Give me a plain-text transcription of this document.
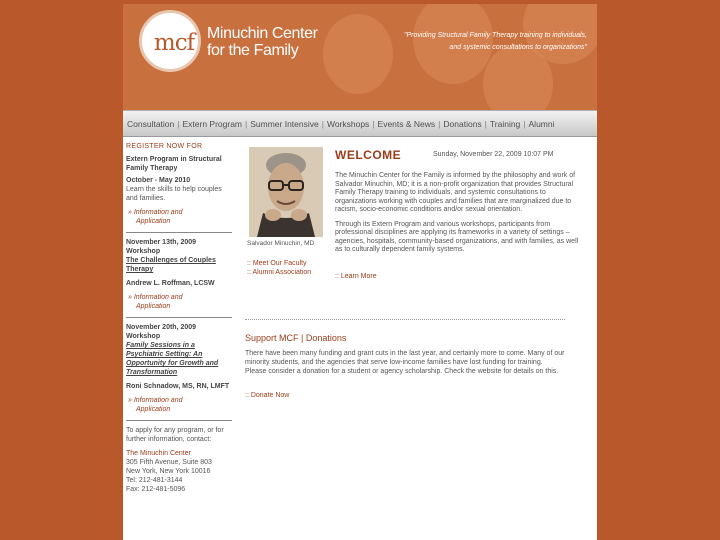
mcf Minuchin Center
for the Family
"Providing Structural Family Therapy training to individuals,
and systemic consultations to organizations"
Consultation | Extern Program | Summer Intensive | Workshops | Events & News | Donations | Training | Alumni
REGISTER NOW FOR
Extern Program in Structural Family Therapy
October - May 2010
Learn the skills to help couples and families.
» Information and
Application
November 13th, 2009
Workshop
The Challenges of Couples Therapy
Andrew L. Roffman, LCSW
» Information and
Application
November 20th, 2009
Workshop
Family Sessions in a Psychiatric Setting: An Opportunity for Growth and Transformation
Roni Schnadow, MS, RN, LMFT
» Information and
Application
To apply for any program, or for further information, contact:
The Minuchin Center
305 Fifth Avenue, Suite 803
New York, New York 10016
Tel: 212-481-3144
Fax: 212-481-5096
Salvador Minuchin, MD
:: Meet Our Faculty
:: Alumni Association
WELCOME	Sunday, November 22, 2009 10:07 PM

The Minuchin Center for the Family is informed by the philosophy and work of Salvador Minuchin, MD; it is a non-profit organization that provides Structural Family Therapy training to individuals, and systemic consultations to organizations working with couples and families that are marginalized due to racism, socio-economic conditions and/or sexual orientation.

Through its Extern Program and various workshops, participants from professional disciplines are applying its frameworks in a variety of settings – agencies, hospitals, community-based organizations, and with families, as well as to culturally dependent family systems.

:: Learn More
Support MCF | Donations
There have been many funding and grant cuts in the last year, and certainly more to come. Many of our minority students, and the agencies that serve low-income families have lost funding for training. Please consider a donation for a student or agency scholarship. Check the website for details on this.
:: Donate Now
